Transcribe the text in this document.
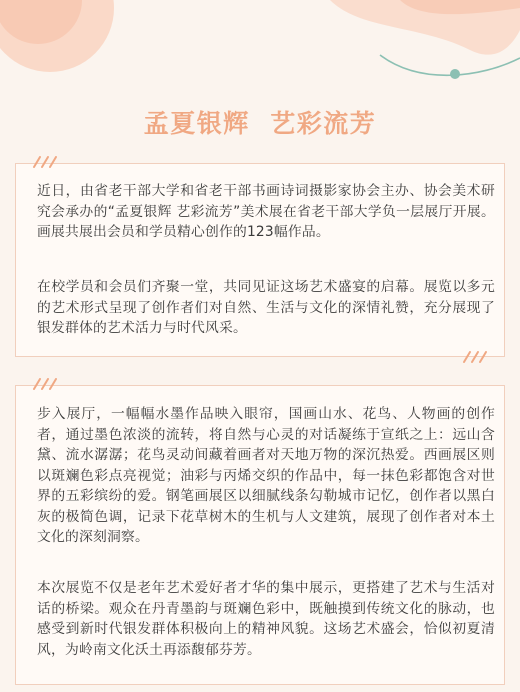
孟夏银辉  艺彩流芳

近日，由省老干部大学和省老干部书画诗词摄影家协会主办、协会美术研究会承办的“孟夏银辉 艺彩流芳”美术展在省老干部大学负一层展厅开展。画展共展出会员和学员精心创作的123幅作品。

在校学员和会员们齐聚一堂，共同见证这场艺术盛宴的启幕。展览以多元的艺术形式呈现了创作者们对自然、生活与文化的深情礼赞，充分展现了银发群体的艺术活力与时代风采。

步入展厅，一幅幅水墨作品映入眼帘，国画山水、花鸟、人物画的创作者，通过墨色浓淡的流转，将自然与心灵的对话凝练于宣纸之上：远山含黛、流水潺潺；花鸟灵动间藏着画者对天地万物的深沉热爱。西画展区则以斑斓色彩点亮视觉；油彩与丙烯交织的作品中，每一抹色彩都饱含对世界的五彩缤纷的爱。钢笔画展区以细腻线条勾勒城市记忆，创作者以黑白灰的极简色调，记录下花草树木的生机与人文建筑，展现了创作者对本土文化的深刻洞察。

本次展览不仅是老年艺术爱好者才华的集中展示，更搭建了艺术与生活对话的桥梁。观众在丹青墨韵与斑斓色彩中，既触摸到传统文化的脉动，也感受到新时代银发群体积极向上的精神风貌。这场艺术盛会，恰似初夏清风，为岭南文化沃土再添馥郁芬芳。
